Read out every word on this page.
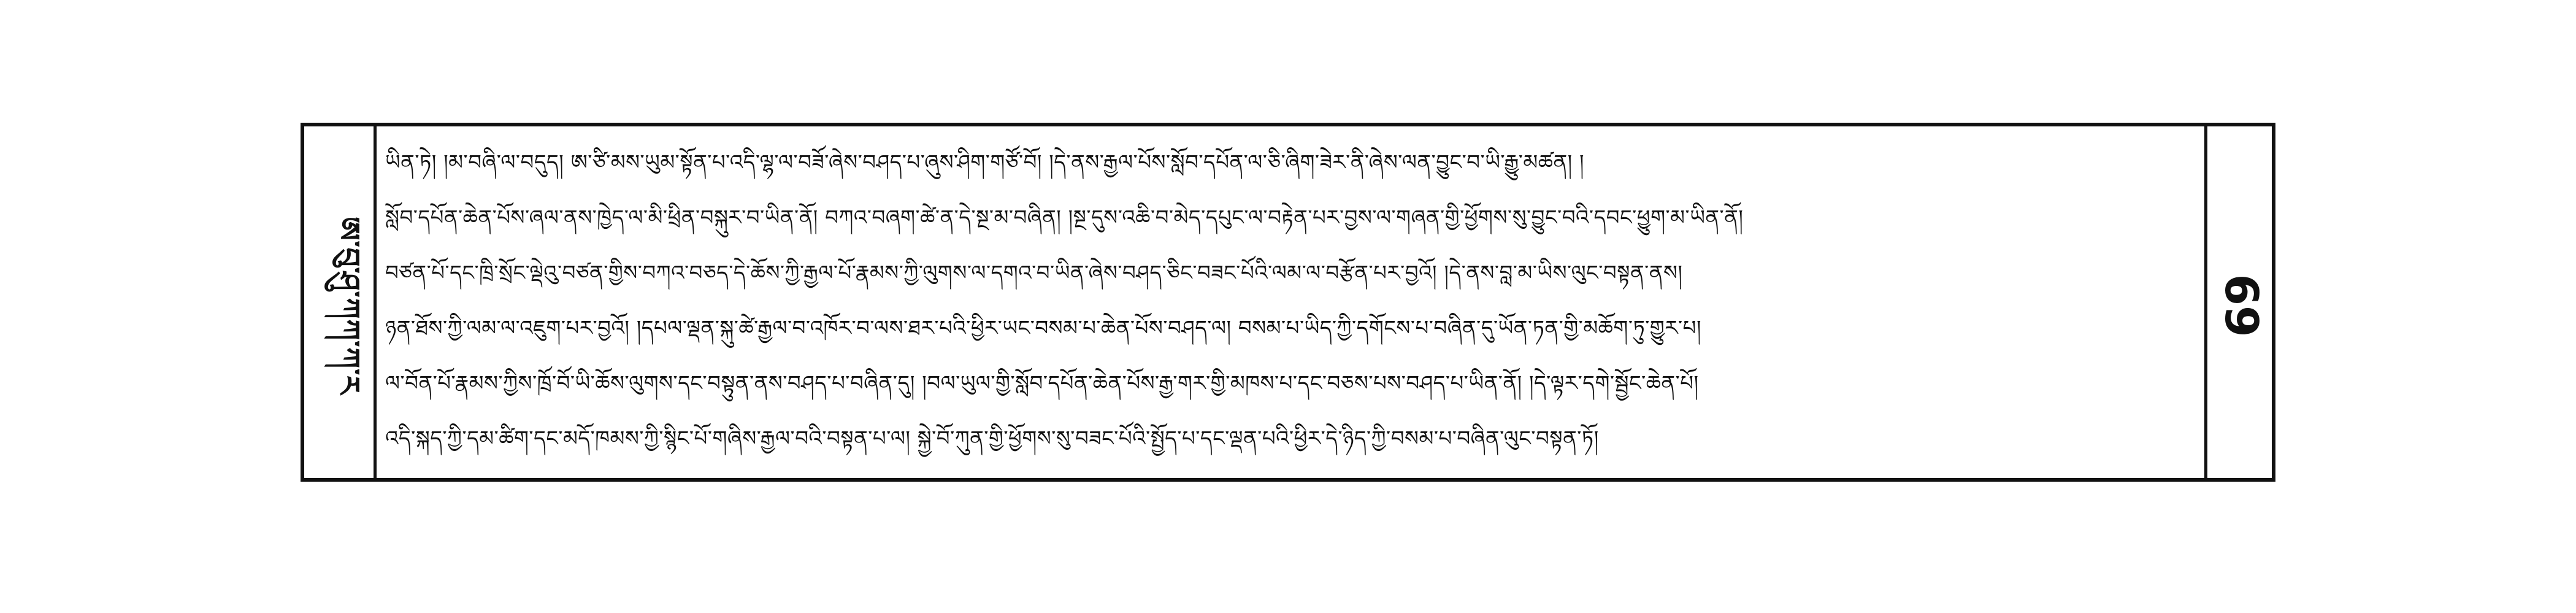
ཨ་བུ་ཤུ་ཀཀ་ཀ་ར
ཡིན་ཏེ། །མ་བཞི་ལ་བདུད། ཨ་ཙི་མས་ཡུམ་སྟོན་པ་འདི་ལྷ་ལ་བཟོ་ཞེས་བཤད་པ་ཞུས་ཤིག་གཙོ་བོ། །དེ་ནས་རྒྱལ་པོས་སློབ་དཔོན་ལ་ཅི་ཞིག་ཟེར་ནི་ཞེས་ལན་བྱུང་བ་ཡི་རྒྱུ་མཚན། །
སློབ་དཔོན་ཆེན་པོས་ཞལ་ནས་ཁྱེད་ལ་མི་ཕྲིན་བསྐུར་བ་ཡིན་ནོ། བཀའ་བཞག་ཚེ་ན་དེ་སྔ་མ་བཞིན། །སྔ་དུས་འཆི་བ་མེད་དཔུང་ལ་བརྟེན་པར་བྱས་ལ་གཞན་གྱི་ཕྱོགས་སུ་བྱུང་བའི་དབང་ཕྱུག་མ་ཡིན་ནོ།
བཙན་པོ་དང་ཁྲི་སྲོང་ལྡེའུ་བཙན་གྱིས་བཀའ་བཅད་དེ་ཆོས་ཀྱི་རྒྱལ་པོ་རྣམས་ཀྱི་ལུགས་ལ་དགའ་བ་ཡིན་ཞེས་བཤད་ཅིང་བཟང་པོའི་ལམ་ལ་བརྩོན་པར་བྱའོ། །དེ་ནས་བླ་མ་ཡིས་ལུང་བསྟན་ནས།
ཉན་ཐོས་ཀྱི་ལམ་ལ་འཇུག་པར་བྱའོ། །དཔལ་ལྡན་སྐུ་ཚེ་རྒྱལ་བ་འཁོར་བ་ལས་ཐར་པའི་ཕྱིར་ཡང་བསམ་པ་ཆེན་པོས་བཤད་ལ། བསམ་པ་ཡིད་ཀྱི་དགོངས་པ་བཞིན་དུ་ཡོན་ཏན་གྱི་མཆོག་ཏུ་གྱུར་པ།
ལ་བོན་པོ་རྣམས་ཀྱིས་ཁྲོ་བོ་ཡི་ཆོས་ལུགས་དང་བསྟུན་ནས་བཤད་པ་བཞིན་དུ། །བལ་ཡུལ་གྱི་སློབ་དཔོན་ཆེན་པོས་རྒྱ་གར་གྱི་མཁས་པ་དང་བཅས་པས་བཤད་པ་ཡིན་ནོ། །དེ་ལྟར་དགེ་སྦྱོང་ཆེན་པོ།
འདི་སྐད་ཀྱི་དམ་ཚིག་དང་མདོ་ཁམས་ཀྱི་སྙིང་པོ་གཞིས་རྒྱལ་བའི་བསྟན་པ་ལ། སྐྱེ་བོ་ཀུན་གྱི་ཕྱོགས་སུ་བཟང་པོའི་སྤྱོད་པ་དང་ལྡན་པའི་ཕྱིར་དེ་ཉིད་ཀྱི་བསམ་པ་བཞིན་ལུང་བསྟན་ཏོ།
69
